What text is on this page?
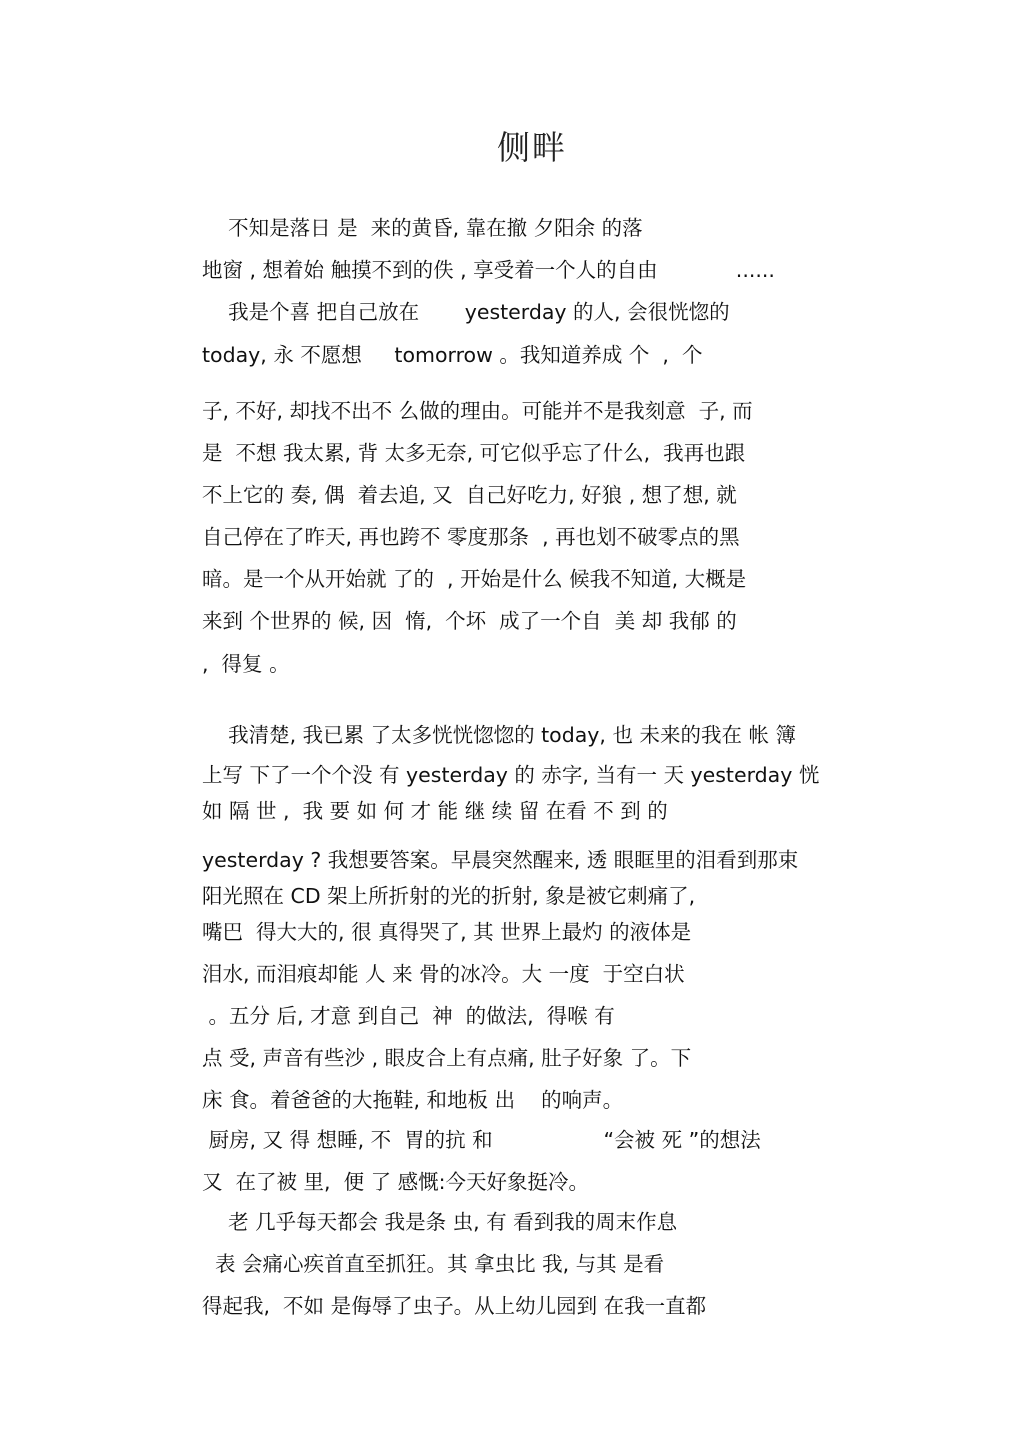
侧畔
不知是落日 是  来的黄昏, 靠在撤 夕阳余 的落
地窗 , 想着始 触摸不到的佚 , 享受着一个人的自由            ......
我是个喜 把自己放在       yesterday 的人, 会很恍惚的
today, 永 不愿想     tomorrow 。我知道养成 个  ,  个
子, 不好, 却找不出不 么做的理由。可能并不是我刻意  子, 而
是  不想 我太累, 背 太多无奈, 可它似乎忘了什么,  我再也跟
不上它的 奏, 偶  着去追, 又  自己好吃力, 好狼 , 想了想, 就
自己停在了昨天, 再也跨不 零度那条  , 再也划不破零点的黑
暗。是一个从开始就 了的  , 开始是什么 候我不知道, 大概是
来到 个世界的 候, 因  惰,  个坏  成了一个自  美 却 我郁 的
,  得复 。
我清楚, 我已累 了太多恍恍惚惚的 today, 也 未来的我在 帐 簿
上写 下了一个个没 有 yesterday 的 赤字, 当有一 天 yesterday 恍
如 隔 世 ,  我 要 如 何 才 能 继 续 留 在看 不 到 的
yesterday ? 我想要答案。早晨突然醒来, 透 眼眶里的泪看到那束
阳光照在 CD 架上所折射的光的折射, 象是被它刺痛了,
嘴巴  得大大的, 很 真得哭了, 其 世界上最灼 的液体是
泪水, 而泪痕却能 人 来 骨的冰冷。大 一度  于空白状
。五分 后, 才意 到自己  神  的做法,  得喉 有
点 受, 声音有些沙 , 眼皮合上有点痛, 肚子好象 了。下
床 食。着爸爸的大拖鞋, 和地板 出    的响声。
厨房, 又 得 想睡, 不  胃的抗 和                 “会被 死 ”的想法
又  在了被 里,  便 了 感慨:今天好象挺冷。
老 几乎每天都会 我是条 虫, 有 看到我的周末作息
表 会痛心疾首直至抓狂。其 拿虫比 我, 与其 是看
得起我,  不如 是侮辱了虫子。从上幼儿园到 在我一直都
